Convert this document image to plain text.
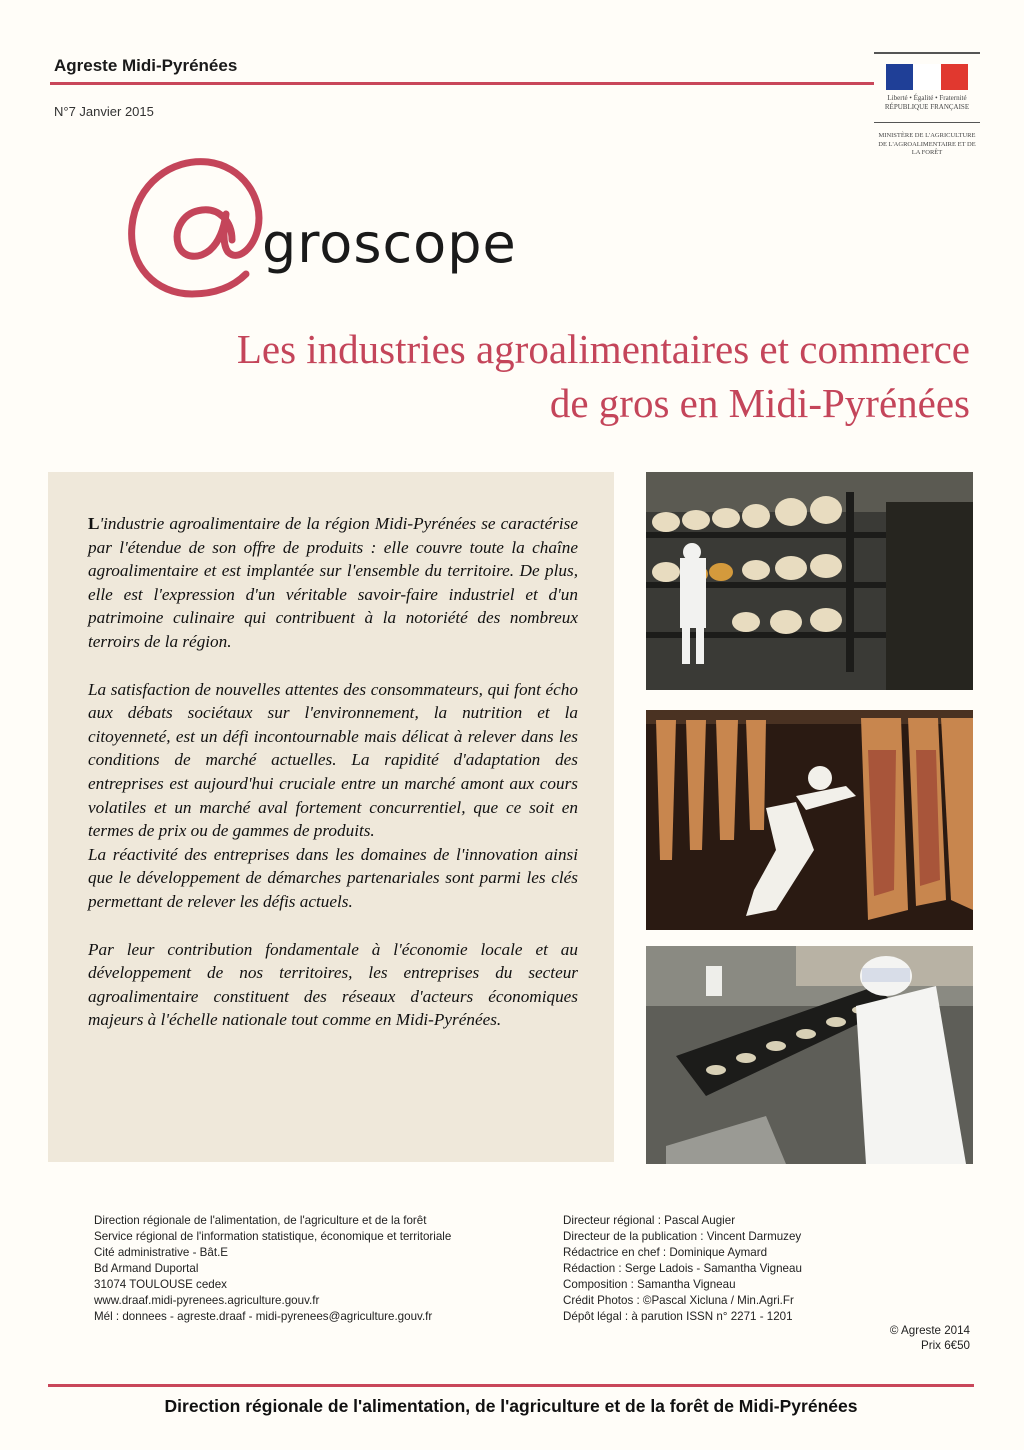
Agreste Midi-Pyrénées
N°7 Janvier 2015
Liberté • Égalité • Fraternité RÉPUBLIQUE FRANÇAISE
MINISTÈRE DE L'AGRICULTURE DE L'AGROALIMENTAIRE ET DE LA FORÊT
groscope
Les industries agroalimentaires et commerce
de gros en Midi-Pyrénées

L'industrie agroalimentaire de la région Midi-Pyrénées se caractérise par l'étendue de son offre de produits : elle couvre toute la chaîne agroalimentaire et est implantée sur l'ensemble du territoire. De plus, elle est l'expression d'un véritable savoir-faire industriel et d'un patrimoine culinaire qui contribuent à la notoriété des nombreux terroirs de la région.

La satisfaction de nouvelles attentes des consommateurs, qui font écho aux débats sociétaux sur l'environnement, la nutrition et la citoyenneté, est un défi incontournable mais délicat à relever dans les conditions de marché actuelles. La rapidité d'adaptation des entreprises est aujourd'hui cruciale entre un marché amont aux cours volatiles et un marché aval fortement concurrentiel, que ce soit en termes de prix ou de gammes de produits.

La réactivité des entreprises dans les domaines de l'innovation ainsi que le développement de démarches partenariales sont parmi les clés permettant de relever les défis actuels.

Par leur contribution fondamentale à l'économie locale et au développement de nos territoires, les entreprises du secteur agroalimentaire constituent des réseaux d'acteurs économiques majeurs à l'échelle nationale tout comme en Midi-Pyrénées.

Direction régionale de l'alimentation, de l'agriculture et de la forêt
Service régional de l'information statistique, économique et territoriale
Cité administrative - Bât.E
Bd Armand Duportal
31074 TOULOUSE cedex
www.draaf.midi-pyrenees.agriculture.gouv.fr
Mél : donnees - agreste.draaf - midi-pyrenees@agriculture.gouv.fr
Directeur régional : Pascal Augier
Directeur de la publication : Vincent Darmuzey
Rédactrice en chef : Dominique Aymard
Rédaction : Serge Ladois - Samantha Vigneau
Composition : Samantha Vigneau
Crédit Photos : ©Pascal Xicluna / Min.Agri.Fr
Dépôt légal : à parution ISSN n° 2271 - 1201
© Agreste 2014
Prix 6€50
Direction régionale de l'alimentation, de l'agriculture et de la forêt de Midi-Pyrénées
